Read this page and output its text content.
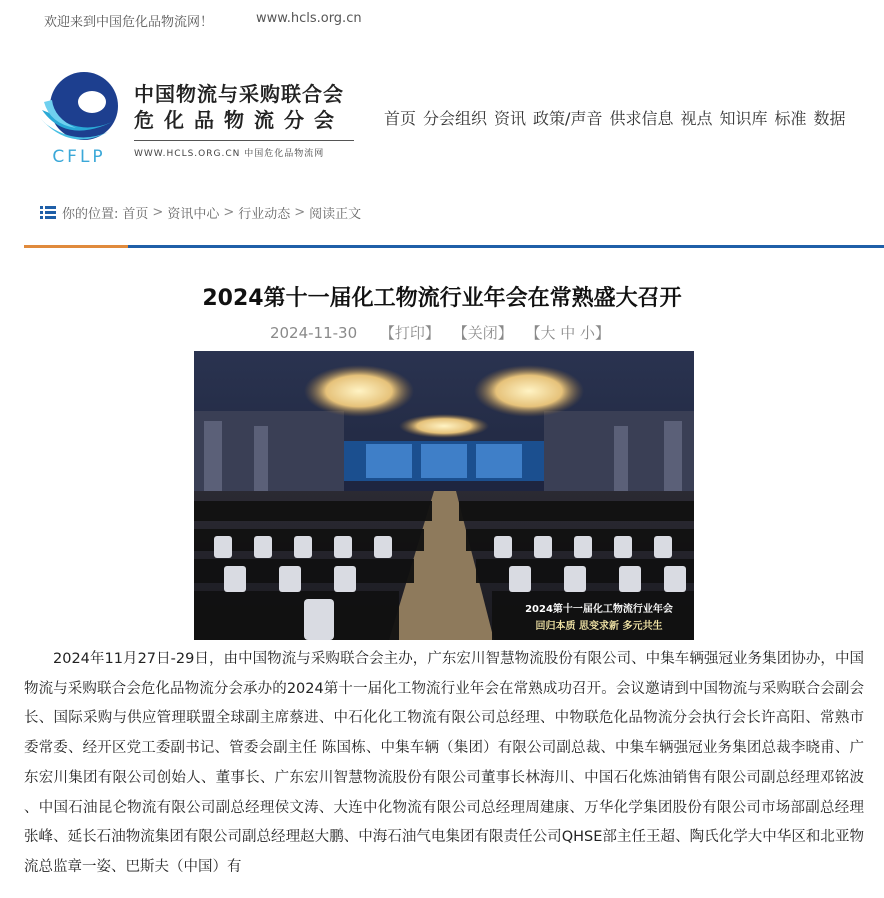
欢迎来到中国危化品物流网！	www.hcls.org.cn
CFLP
中国物流与采购联合会
危化品物流分会
WWW.HCLS.ORG.CN 中国危化品物流网
首页 分会组织 资讯 政策/声音 供求信息 视点 知识库 标准 数据
你的位置: 首页 > 资讯中心 > 行业动态 > 阅读正文
2024第十一届化工物流行业年会在常熟盛大召开
2024-11-30 【打印】 【关闭】 【大 中 小】
2024第十一届化工物流行业年会
回归本质 思变求新 多元共生

2024年11月27日-29日，由中国物流与采购联合会主办，广东宏川智慧物流股份有限公司、中集车辆强冠业务集团协办，中国物流与采购联合会危化品物流分会承办的2024第十一届化工物流行业年会在常熟成功召开。会议邀请到中国物流与采购联合会副会长、国际采购与供应管理联盟全球副主席蔡进、中石化化工物流有限公司总经理、中物联危化品物流分会执行会长许高阳、常熟市委常委、经开区党工委副书记、管委会副主任 陈国栋、中集车辆（集团）有限公司副总裁、中集车辆强冠业务集团总裁李晓甫、广东宏川集团有限公司创始人、董事长、广东宏川智慧物流股份有限公司董事长林海川、中国石化炼油销售有限公司副总经理邓铭波 、中国石油昆仑物流有限公司副总经理侯文涛、大连中化物流有限公司总经理周建康、万华化学集团股份有限公司市场部副总经理张峰、延长石油物流集团有限公司副总经理赵大鹏、中海石油气电集团有限责任公司QHSE部主任王超、陶氏化学大中华区和北亚物流总监章一姿、巴斯夫（中国）有
